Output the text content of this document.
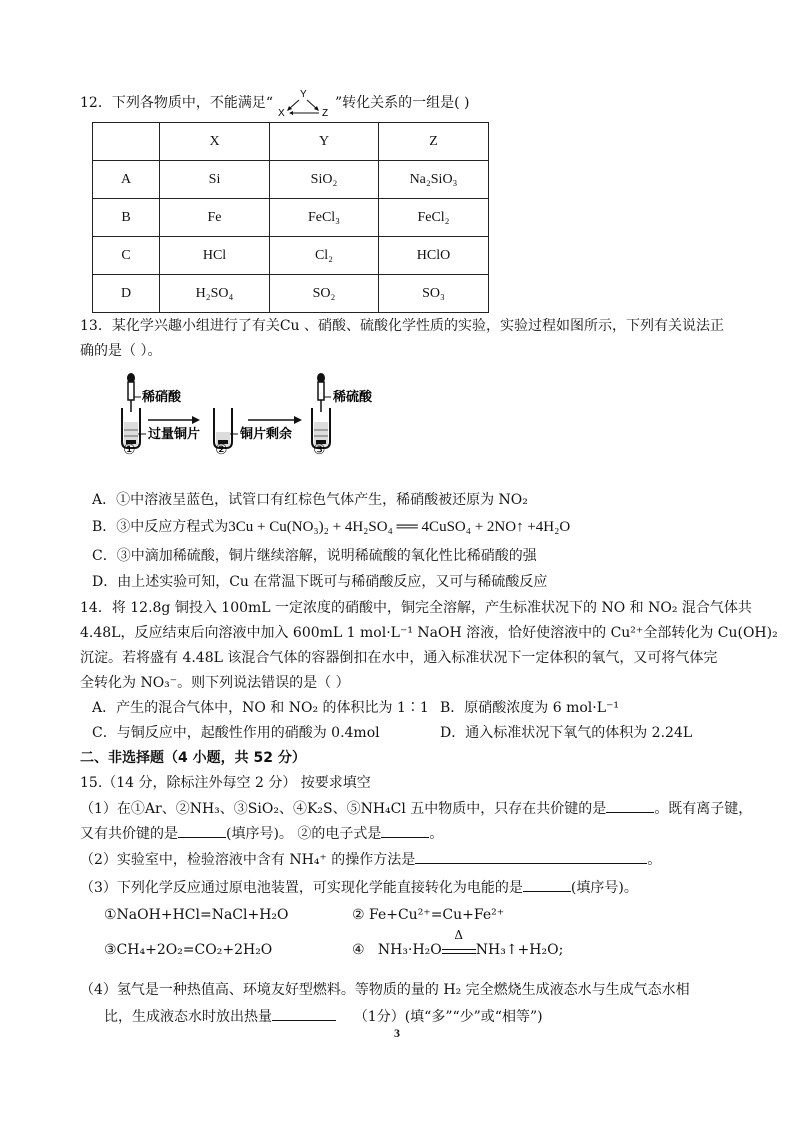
12．下列各物质中，不能满足“
Y
X	Z
”转化关系的一组是( )
	X	Y	Z
A	Si	SiO₂	Na₂SiO₃
B	Fe	FeCl₃	FeCl₂
C	HCl	Cl₂	HClO
D	H₂SO₄	SO₂	SO₃
13．某化学兴趣小组进行了有关Cu 、硝酸、硫酸化学性质的实验，实验过程如图所示，下列有关说法正
确的是（ ）。
稀硝酸
①
过量铜片
②
铜片剩余
稀硫酸
③
A．①中溶液呈蓝色，试管口有红棕色气体产生，稀硝酸被还原为 NO₂
B．③中反应方程式为3Cu + Cu(NO₃)₂ + 4H₂SO₄ ══ 4CuSO₄ + 2NO↑ +4H₂O
C．③中滴加稀硫酸，铜片继续溶解，说明稀硫酸的氧化性比稀硝酸的强
D．由上述实验可知，Cu 在常温下既可与稀硝酸反应，又可与稀硫酸反应
14．将 12.8g 铜投入 100mL 一定浓度的硝酸中，铜完全溶解，产生标准状况下的 NO 和 NO₂ 混合气体共
4.48L，反应结束后向溶液中加入 600mL 1 mol·L⁻¹ NaOH 溶液，恰好使溶液中的 Cu²⁺全部转化为 Cu(OH)₂
沉淀。若将盛有 4.48L 该混合气体的容器倒扣在水中，通入标准状况下一定体积的氧气，又可将气体完
全转化为 NO₃⁻。则下列说法错误的是（ ）
A．产生的混合气体中，NO 和 NO₂ 的体积比为 1∶1 B．原硝酸浓度为 6 mol·L⁻¹
C．与铜反应中，起酸性作用的硝酸为 0.4mol	D．通入标准状况下氧气的体积为 2.24L
二、非选择题（4 小题，共 52 分）
15.（14 分，除标注外每空 2 分） 按要求填空
（1）在①Ar、②NH₃、③SiO₂、④K₂S、⑤NH₄Cl 五中物质中，只存在共价键的是	。既有离子键，
又有共价键的是	(填序号)。 ②的电子式是	。
（2）实验室中，检验溶液中含有 NH₄⁺ 的操作方法是	。
（3）下列化学反应通过原电池装置，可实现化学能直接转化为电能的是	(填序号)。
①NaOH+HCl=NaCl+H₂O	② Fe+Cu²⁺=Cu+Fe²⁺
③CH₄+2O₂=CO₂+2H₂O	④ NH₃·H₂O
Δ
NH₃↑+H₂O;
（4）氢气是一种热值高、环境友好型燃料。等物质的量的 H₂ 完全燃烧生成液态水与生成气态水相
比，生成液态水时放出热量	（1分）(填“多”“少”或“相等”)
3
